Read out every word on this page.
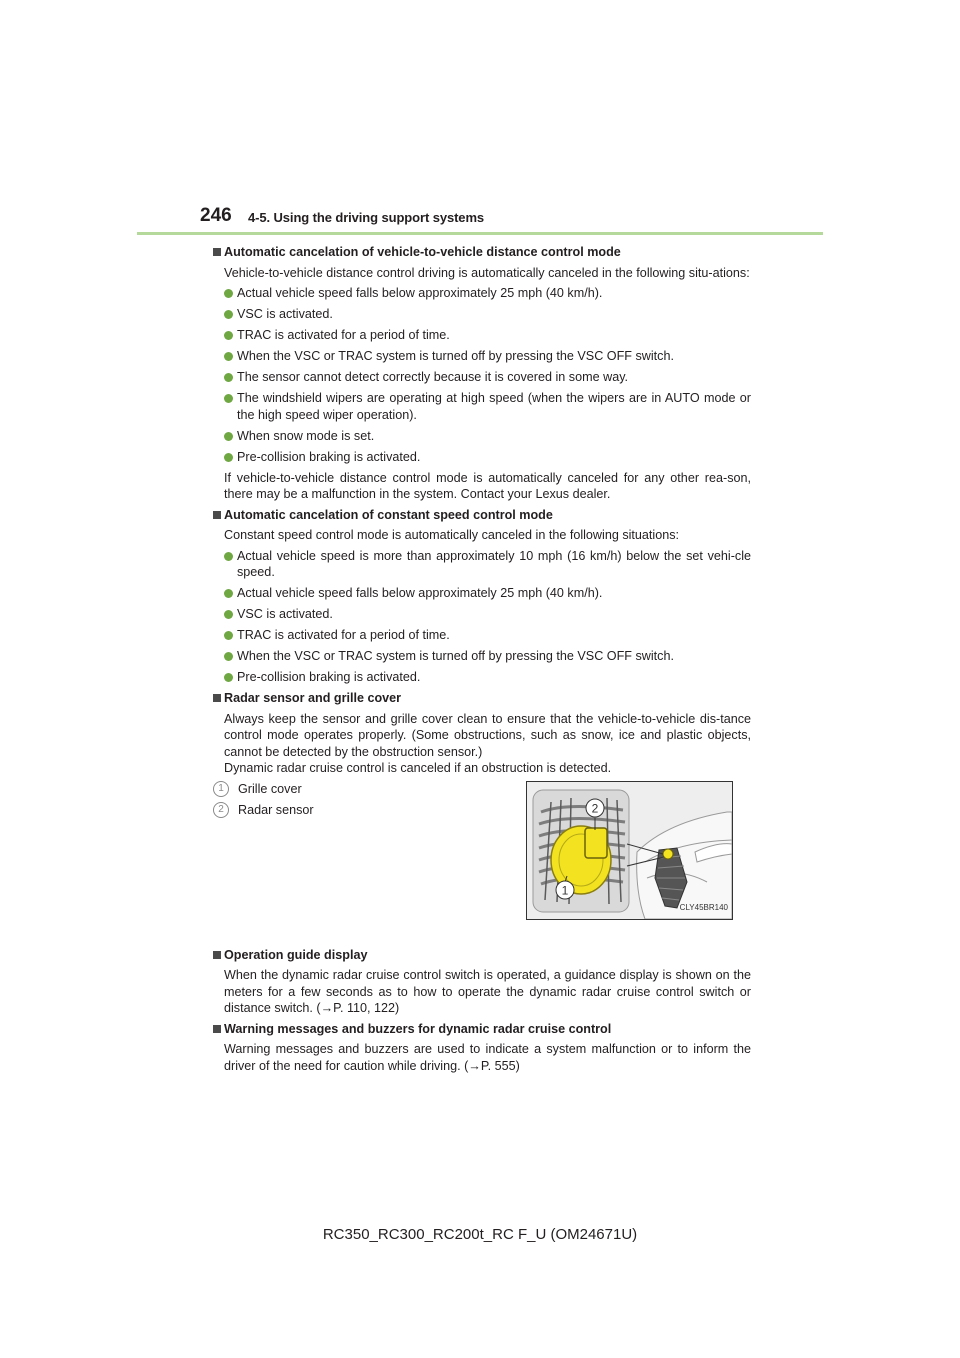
246 4-5. Using the driving support systems
Automatic cancelation of vehicle-to-vehicle distance control mode
Vehicle-to-vehicle distance control driving is automatically canceled in the following situ-ations:
Actual vehicle speed falls below approximately 25 mph (40 km/h).
VSC is activated.
TRAC is activated for a period of time.
When the VSC or TRAC system is turned off by pressing the VSC OFF switch.
The sensor cannot detect correctly because it is covered in some way.
The windshield wipers are operating at high speed (when the wipers are in AUTO mode or the high speed wiper operation).
When snow mode is set.
Pre-collision braking is activated.
If vehicle-to-vehicle distance control mode is automatically canceled for any other rea-son, there may be a malfunction in the system. Contact your Lexus dealer.
Automatic cancelation of constant speed control mode
Constant speed control mode is automatically canceled in the following situations:
Actual vehicle speed is more than approximately 10 mph (16 km/h) below the set vehi-cle speed.
Actual vehicle speed falls below approximately 25 mph (40 km/h).
VSC is activated.
TRAC is activated for a period of time.
When the VSC or TRAC system is turned off by pressing the VSC OFF switch.
Pre-collision braking is activated.
Radar sensor and grille cover
Always keep the sensor and grille cover clean to ensure that the vehicle-to-vehicle dis-tance control mode operates properly. (Some obstructions, such as snow, ice and plastic objects, cannot be detected by the obstruction sensor.)
Dynamic radar cruise control is canceled if an obstruction is detected.
1	Grille cover
2	Radar sensor	2
1
CLY45BR140
Operation guide display
When the dynamic radar cruise control switch is operated, a guidance display is shown on the meters for a few seconds as to how to operate the dynamic radar cruise control switch or distance switch. (→P. 110, 122)
Warning messages and buzzers for dynamic radar cruise control
Warning messages and buzzers are used to indicate a system malfunction or to inform the driver of the need for caution while driving. (→P. 555)
RC350_RC300_RC200t_RC F_U (OM24671U)
